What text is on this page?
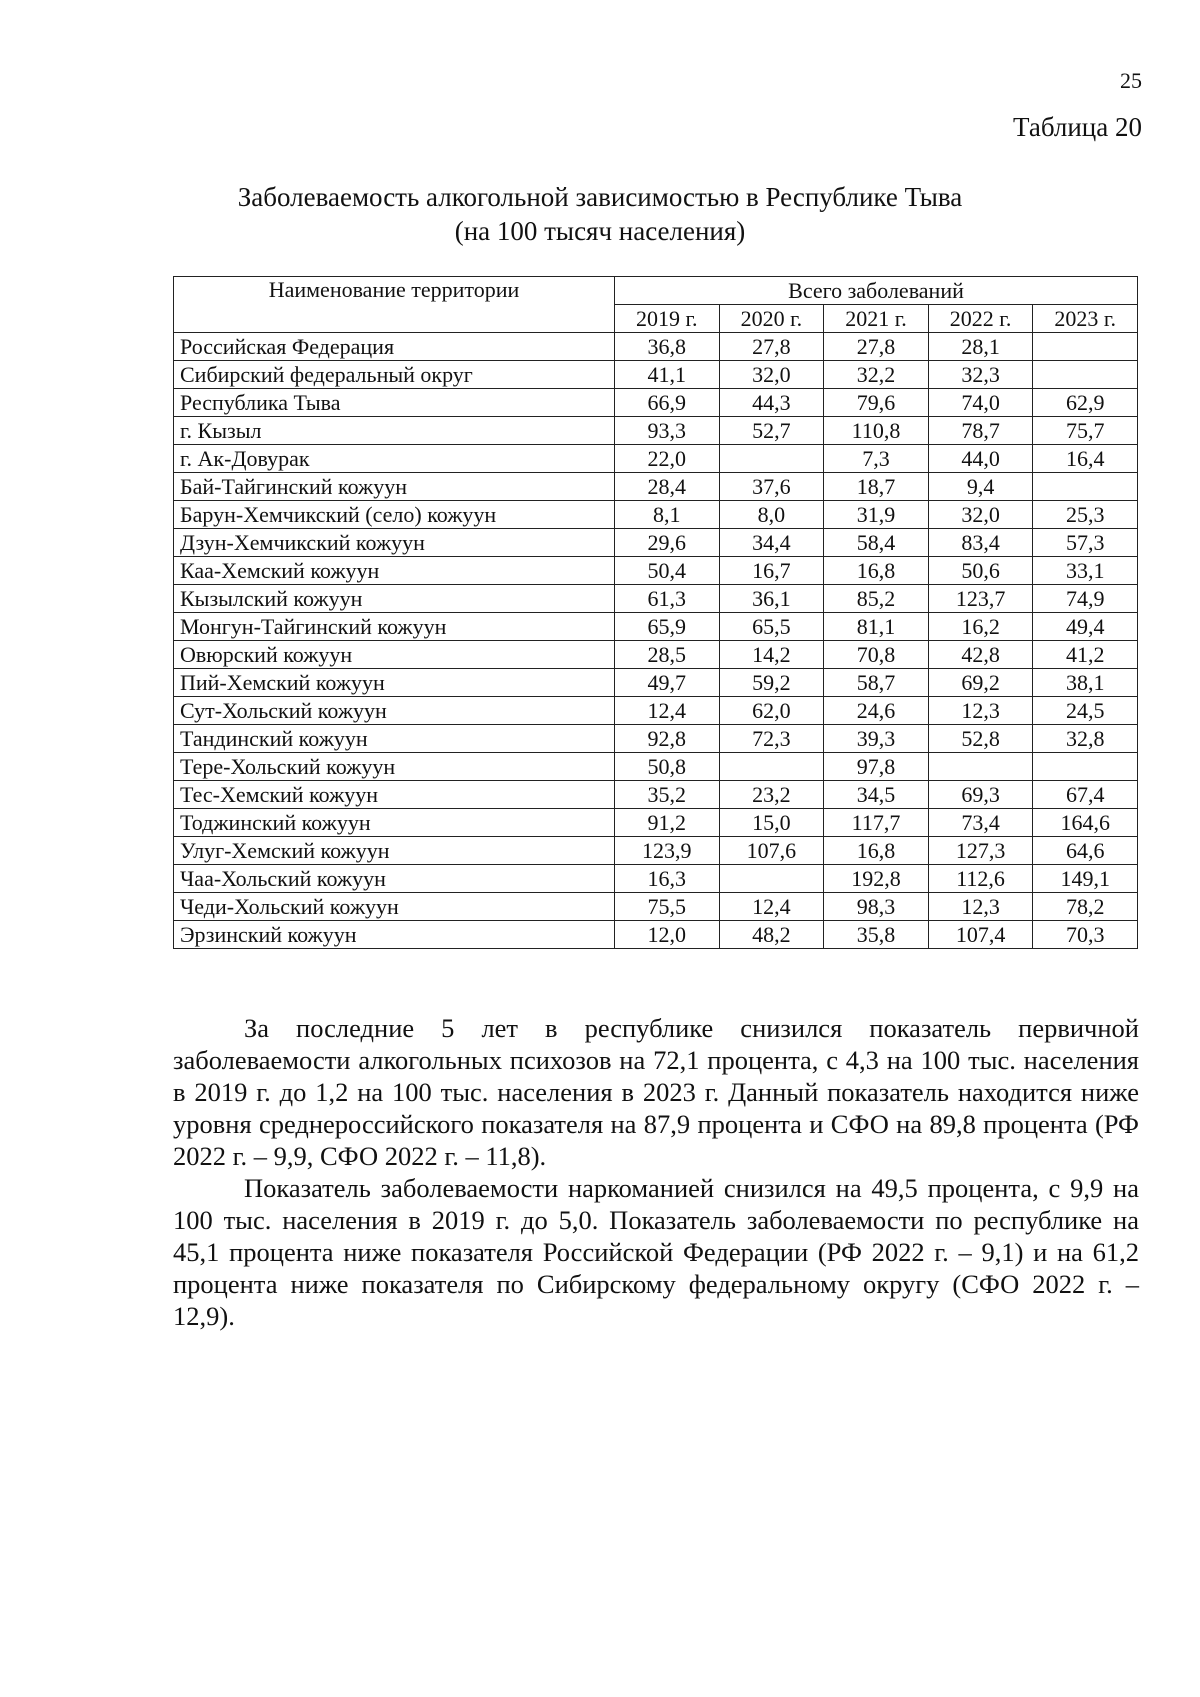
25
Таблица 20
Заболеваемость алкогольной зависимостью в Республике Тыва
(на 100 тысяч населения)
Наименование территории	Всего заболеваний				
	2019 г.	2020 г.	2021 г.	2022 г.	2023 г.
Российская Федерация	36,8	27,8	27,8	28,1	
Сибирский федеральный округ	41,1	32,0	32,2	32,3	
Республика Тыва	66,9	44,3	79,6	74,0	62,9
г. Кызыл	93,3	52,7	110,8	78,7	75,7
г. Ак-Довурак	22,0		7,3	44,0	16,4
Бай-Тайгинский кожуун	28,4	37,6	18,7	9,4	
Барун-Хемчикский (село) кожуун	8,1	8,0	31,9	32,0	25,3
Дзун-Хемчикский кожуун	29,6	34,4	58,4	83,4	57,3
Каа-Хемский кожуун	50,4	16,7	16,8	50,6	33,1
Кызылский кожуун	61,3	36,1	85,2	123,7	74,9
Монгун-Тайгинский кожуун	65,9	65,5	81,1	16,2	49,4
Овюрский кожуун	28,5	14,2	70,8	42,8	41,2
Пий-Хемский кожуун	49,7	59,2	58,7	69,2	38,1
Сут-Хольский кожуун	12,4	62,0	24,6	12,3	24,5
Тандинский кожуун	92,8	72,3	39,3	52,8	32,8
Тере-Хольский кожуун	50,8		97,8		
Тес-Хемский кожуун	35,2	23,2	34,5	69,3	67,4
Тоджинский кожуун	91,2	15,0	117,7	73,4	164,6
Улуг-Хемский кожуун	123,9	107,6	16,8	127,3	64,6
Чаа-Хольский кожуун	16,3		192,8	112,6	149,1
Чеди-Хольский кожуун	75,5	12,4	98,3	12,3	78,2
Эрзинский кожуун	12,0	48,2	35,8	107,4	70,3

За последние 5 лет в республике снизился показатель первичной заболеваемости алкогольных психозов на 72,1 процента, с 4,3 на 100 тыс. населения в 2019 г. до 1,2 на 100 тыс. населения в 2023 г. Данный показатель находится ниже уровня среднероссийского показателя на 87,9 процента и СФО на 89,8 процента (РФ 2022 г. – 9,9, СФО 2022 г. – 11,8).

Показатель заболеваемости наркоманией снизился на 49,5 процента, с 9,9 на 100 тыс. населения в 2019 г. до 5,0. Показатель заболеваемости по республике на 45,1 процента ниже показателя Российской Федерации (РФ 2022 г. – 9,1) и на 61,2 процента ниже показателя по Сибирскому федеральному округу (СФО 2022 г. – 12,9).
